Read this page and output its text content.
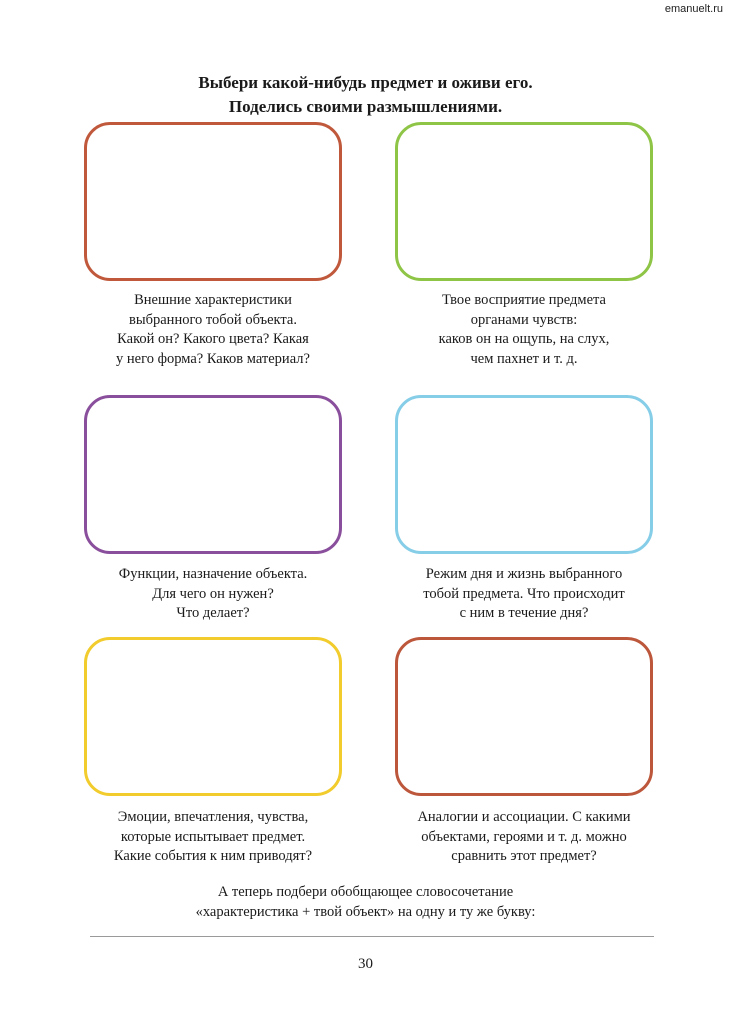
emanuelt.ru
Выбери какой-нибудь предмет и оживи его.
Поделись своими размышлениями.
Внешние характеристики
выбранного тобой объекта.
Какой он? Какого цвета? Какая
у него форма? Каков материал?
Твое восприятие предмета
органами чувств:
каков он на ощупь, на слух,
чем пахнет и т. д.
Функции, назначение объекта.
Для чего он нужен?
Что делает?
Режим дня и жизнь выбранного
тобой предмета. Что происходит
с ним в течение дня?
Эмоции, впечатления, чувства,
которые испытывает предмет.
Какие события к ним приводят?
Аналогии и ассоциации. С какими
объектами, героями и т. д. можно
сравнить этот предмет?
А теперь подбери обобщающее словосочетание
«характеристика + твой объект» на одну и ту же букву:
30
